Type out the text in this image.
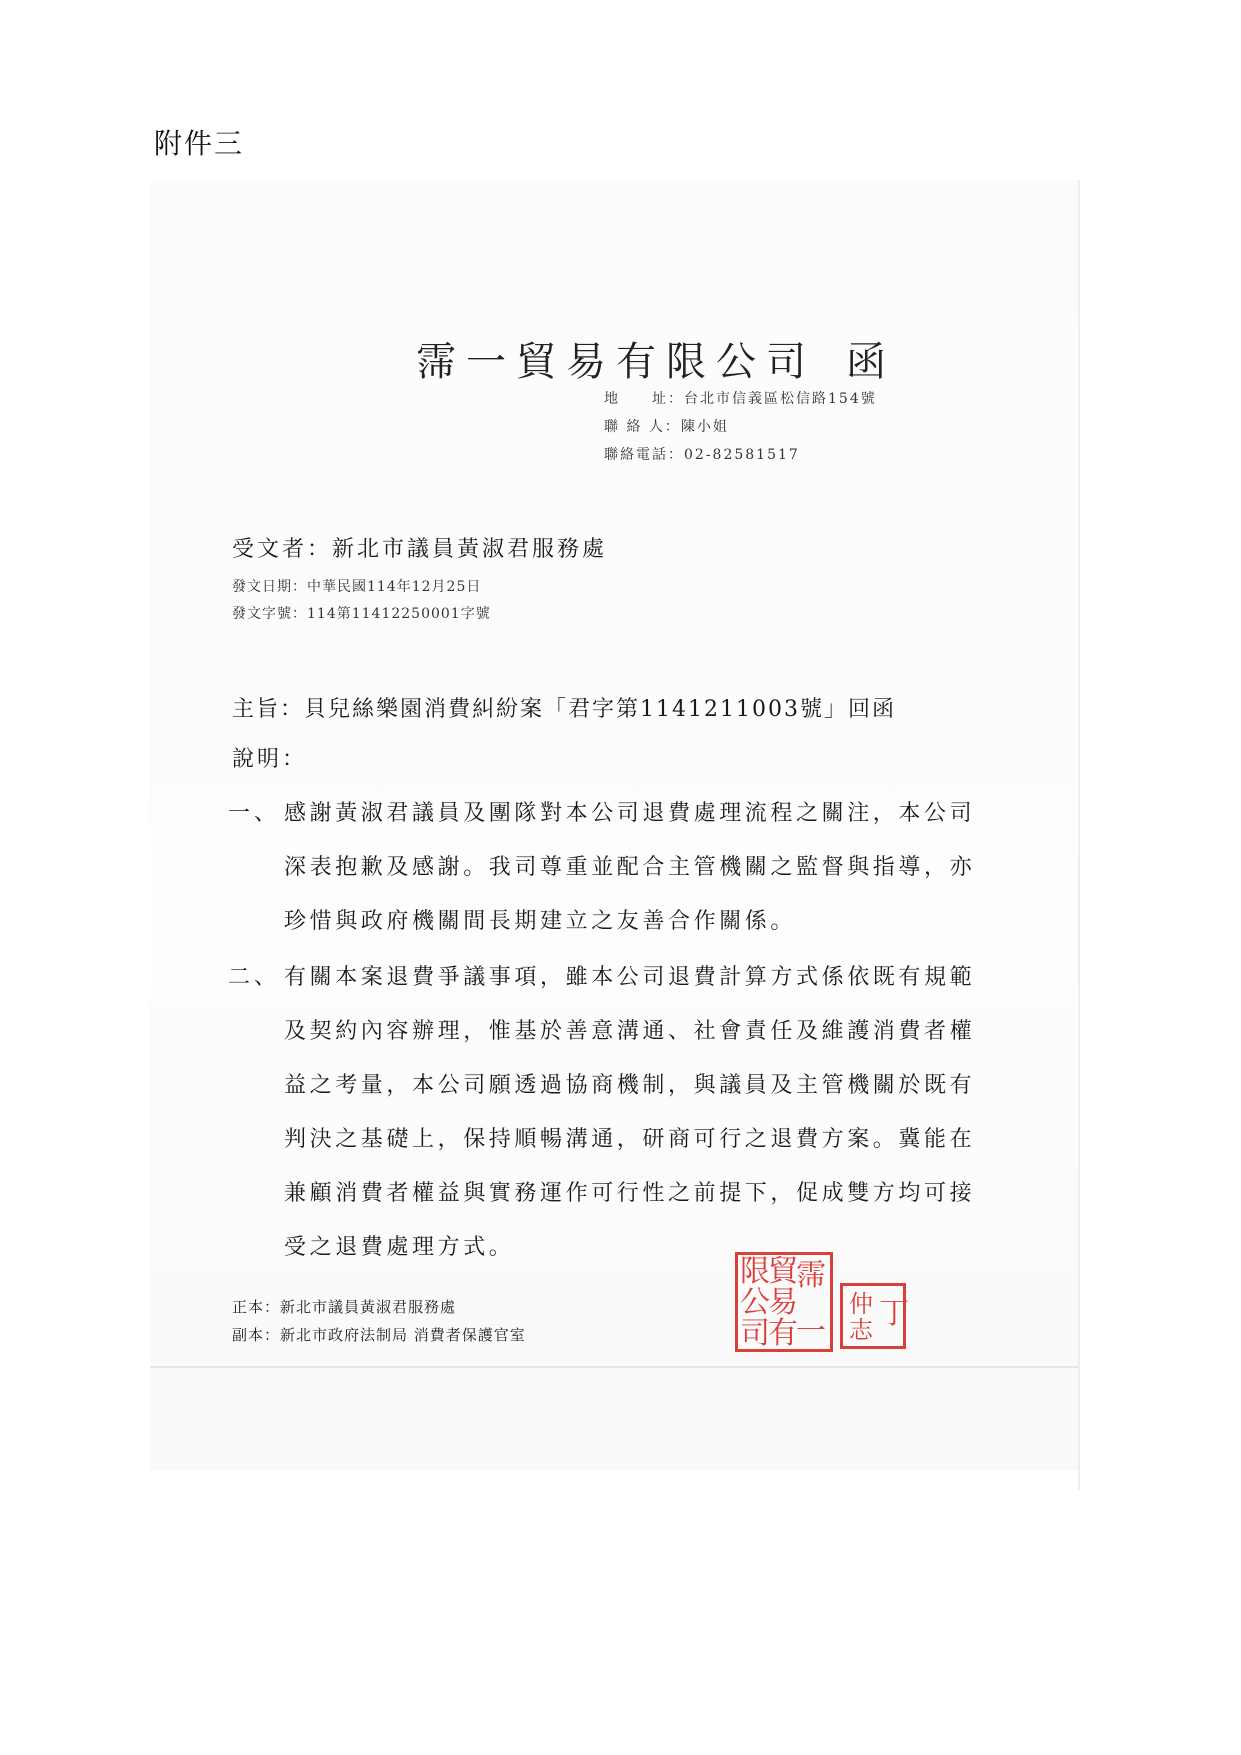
附件三
霈一貿易有限公司 函
地　　址：台北市信義區松信路154號
聯 絡 人：陳小姐
聯絡電話：02-82581517
受文者：新北市議員黃淑君服務處
發文日期：中華民國114年12月25日
發文字號：114第11412250001字號
主旨：貝兒絲樂園消費糾紛案「君字第1141211003號」回函
說明：
一、 感謝黃淑君議員及團隊對本公司退費處理流程之關注，本公司
深表抱歉及感謝。我司尊重並配合主管機關之監督與指導，亦
珍惜與政府機關間長期建立之友善合作關係。
二、 有關本案退費爭議事項，雖本公司退費計算方式係依既有規範
及契約內容辦理，惟基於善意溝通、社會責任及維護消費者權
益之考量，本公司願透過協商機制，與議員及主管機關於既有
判決之基礎上，保持順暢溝通，研商可行之退費方案。冀能在
兼顧消費者權益與實務運作可行性之前提下，促成雙方均可接
受之退費處理方式。
正本：新北市議員黃淑君服務處
副本：新北市政府法制局 消費者保護官室
霈
一
貿
易
有
限
公
司
丁
仲
志
